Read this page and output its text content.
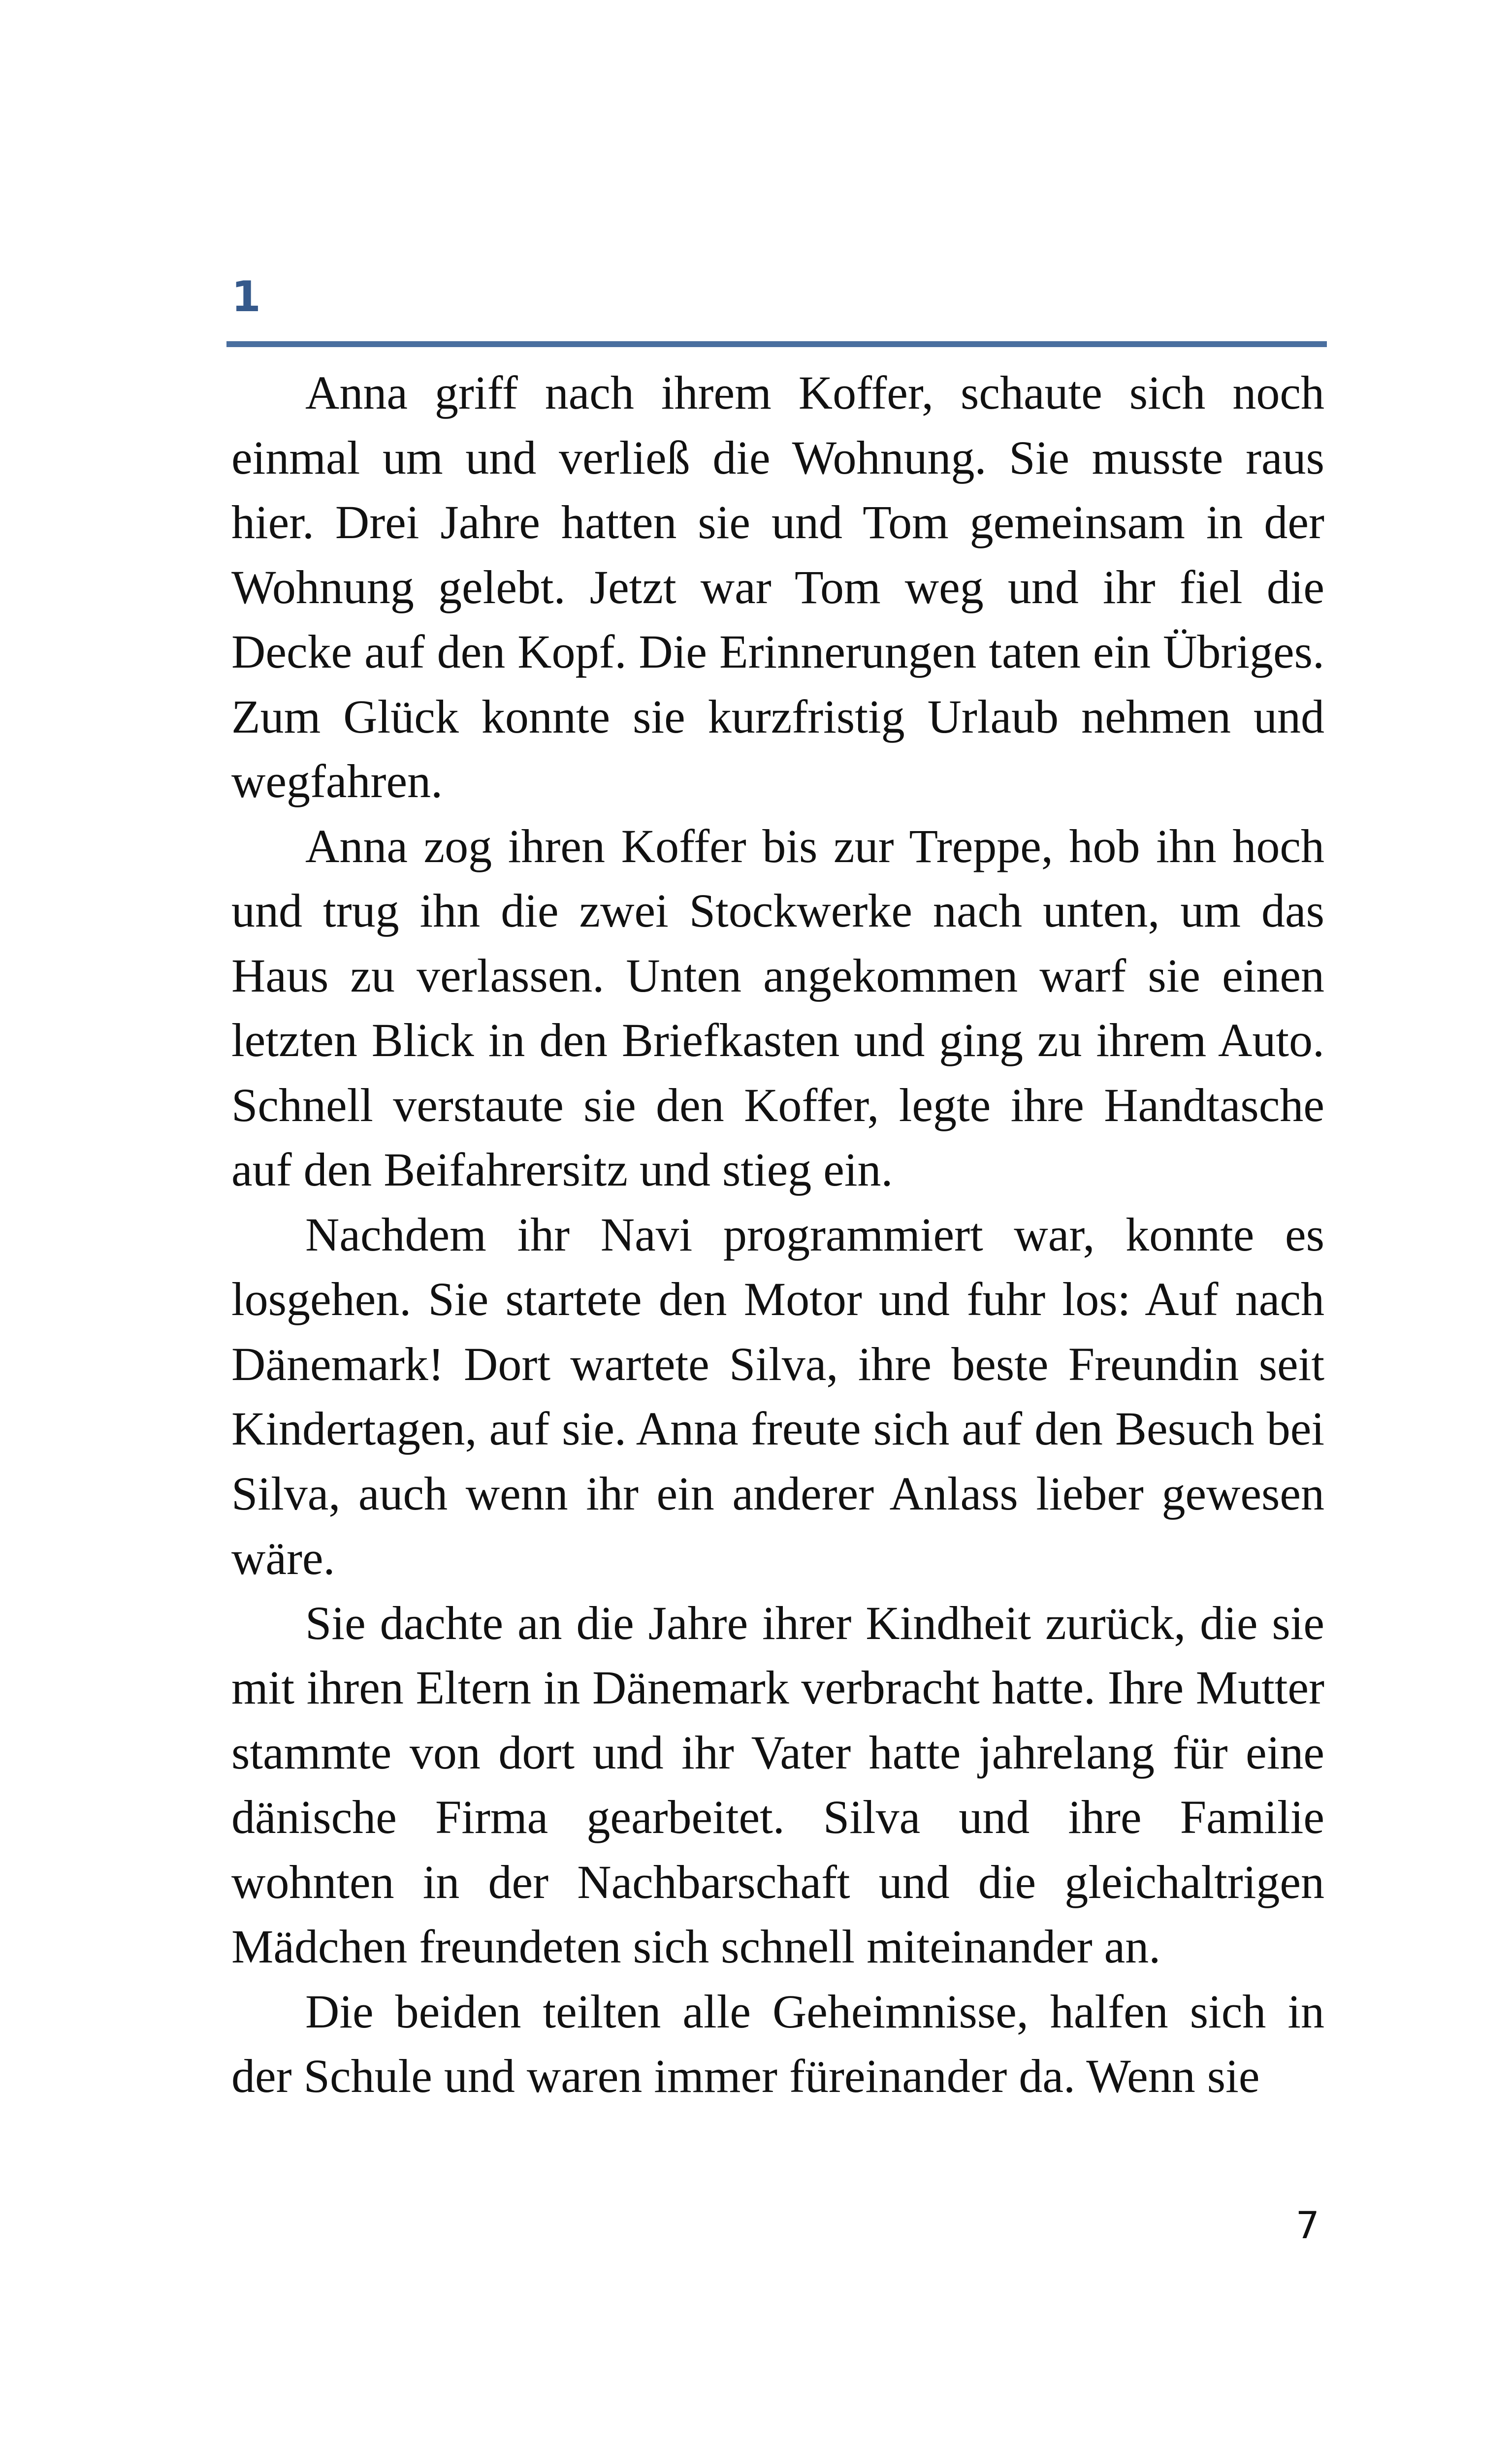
1

Anna griff nach ihrem Koffer, schaute sich noch einmal um und verließ die Wohnung. Sie musste raus hier. Drei Jahre hatten sie und Tom gemeinsam in der Wohnung gelebt. Jetzt war Tom weg und ihr fiel die Decke auf den Kopf. Die Erinnerungen taten ein Übriges. Zum Glück konnte sie kurzfristig Urlaub nehmen und wegfahren.

Anna zog ihren Koffer bis zur Treppe, hob ihn hoch und trug ihn die zwei Stockwerke nach unten, um das Haus zu verlassen. Unten angekommen warf sie einen letzten Blick in den Briefkasten und ging zu ihrem Auto. Schnell verstaute sie den Koffer, legte ihre Handtasche auf den Beifahrersitz und stieg ein.

Nachdem ihr Navi programmiert war, konnte es losgehen. Sie startete den Motor und fuhr los: Auf nach Dänemark! Dort wartete Silva, ihre beste Freundin seit Kindertagen, auf sie. Anna freute sich auf den Besuch bei Silva, auch wenn ihr ein anderer Anlass lieber gewesen wäre.

Sie dachte an die Jahre ihrer Kindheit zurück, die sie mit ihren Eltern in Dänemark verbracht hatte. Ihre Mutter stammte von dort und ihr Vater hatte jahrelang für eine dänische Firma gearbeitet. Silva und ihre Familie wohnten in der Nachbarschaft und die gleichaltrigen Mädchen freundeten sich schnell miteinander an.

Die beiden teilten alle Geheimnisse, halfen sich in der Schule und waren immer füreinander da. Wenn sie

7
